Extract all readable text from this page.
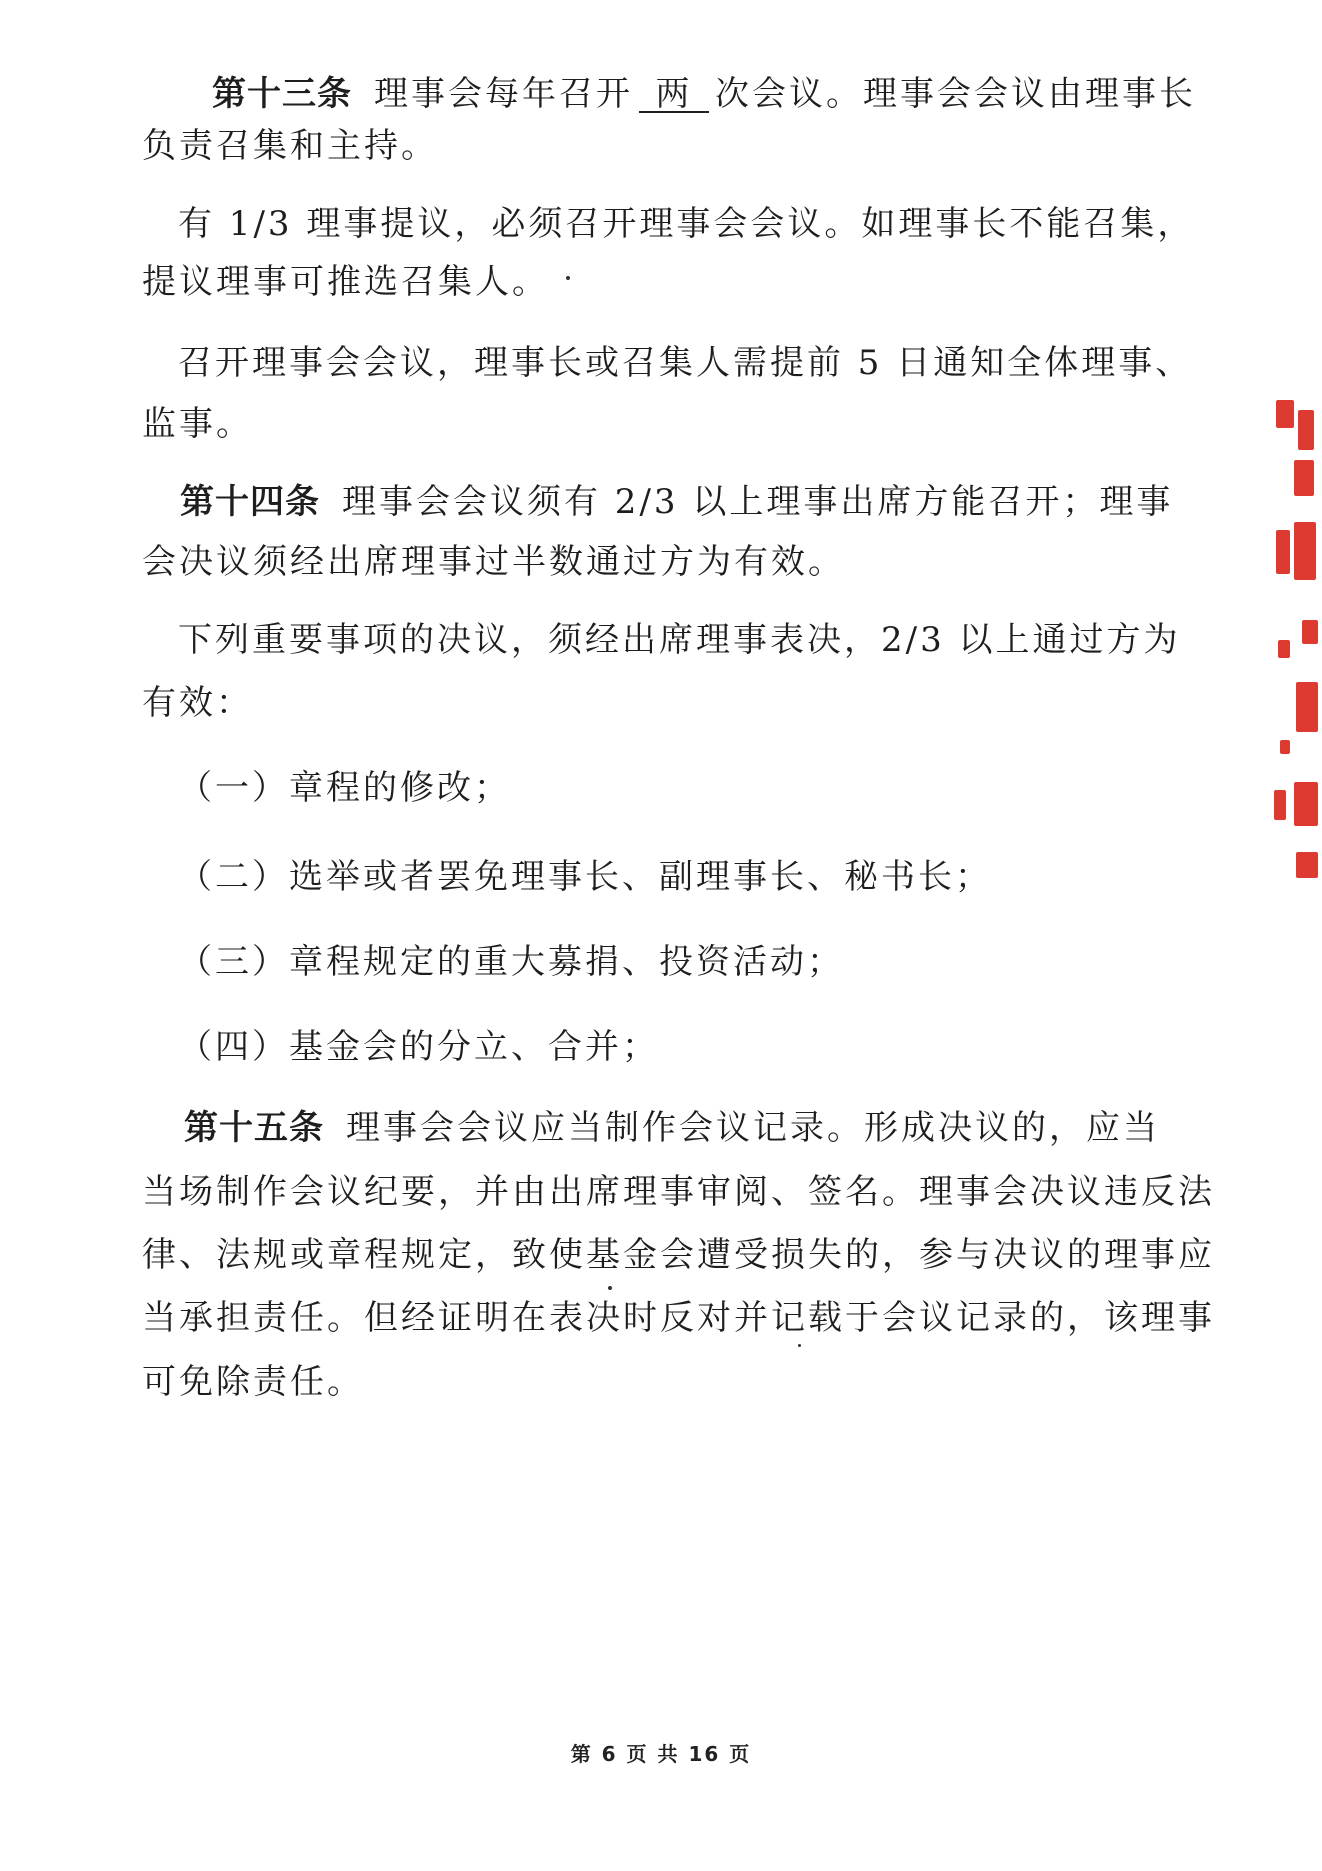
第十三条 理事会每年召开 两 次会议。理事会会议由理事长
负责召集和主持。
有 1/3 理事提议，必须召开理事会会议。如理事长不能召集，
提议理事可推选召集人。
召开理事会会议，理事长或召集人需提前 5 日通知全体理事、
监事。
第十四条 理事会会议须有 2/3 以上理事出席方能召开；理事
会决议须经出席理事过半数通过方为有效。
下列重要事项的决议，须经出席理事表决，2/3 以上通过方为
有效：
（一）章程的修改；
（二）选举或者罢免理事长、副理事长、秘书长；
（三）章程规定的重大募捐、投资活动；
（四）基金会的分立、合并；
第十五条 理事会会议应当制作会议记录。形成决议的，应当
当场制作会议纪要，并由出席理事审阅、签名。理事会决议违反法
律、法规或章程规定，致使基金会遭受损失的，参与决议的理事应
当承担责任。但经证明在表决时反对并记载于会议记录的，该理事
可免除责任。
第 6 页 共 16 页
